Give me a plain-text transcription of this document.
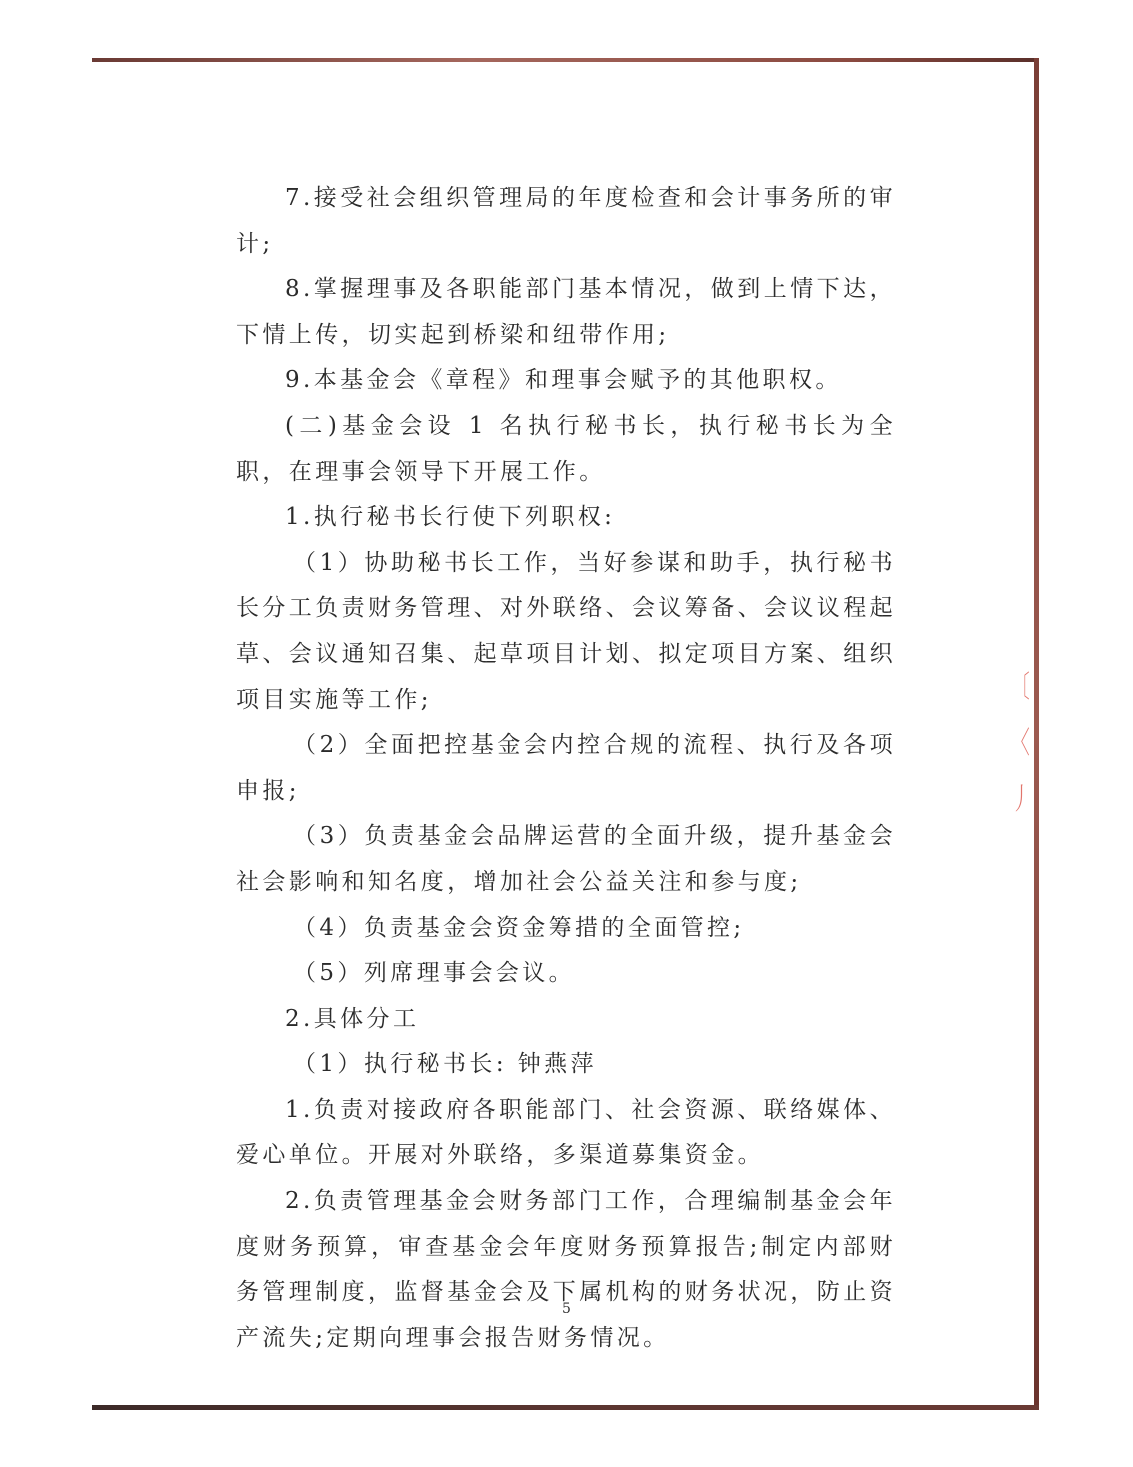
〔
〈
丿

7.接受社会组织管理局的年度检查和会计事务所的审计;

8.掌握理事及各职能部门基本情况，做到上情下达，下情上传，切实起到桥梁和纽带作用;

9.本基金会《章程》和理事会赋予的其他职权。

(二)基金会设 1 名执行秘书长，执行秘书长为全职，在理事会领导下开展工作。

1.执行秘书长行使下列职权:

（1）协助秘书长工作，当好参谋和助手，执行秘书长分工负责财务管理、对外联络、会议筹备、会议议程起草、会议通知召集、起草项目计划、拟定项目方案、组织项目实施等工作;

（2）全面把控基金会内控合规的流程、执行及各项申报;

（3）负责基金会品牌运营的全面升级，提升基金会社会影响和知名度，增加社会公益关注和参与度;

（4）负责基金会资金筹措的全面管控;

（5）列席理事会会议。

2.具体分工

（1）执行秘书长: 钟燕萍

1.负责对接政府各职能部门、社会资源、联络媒体、爱心单位。开展对外联络，多渠道募集资金。

2.负责管理基金会财务部门工作，合理编制基金会年度财务预算，审查基金会年度财务预算报告;制定内部财务管理制度，监督基金会及下属机构的财务状况，防止资产流失;定期向理事会报告财务情况。

5
